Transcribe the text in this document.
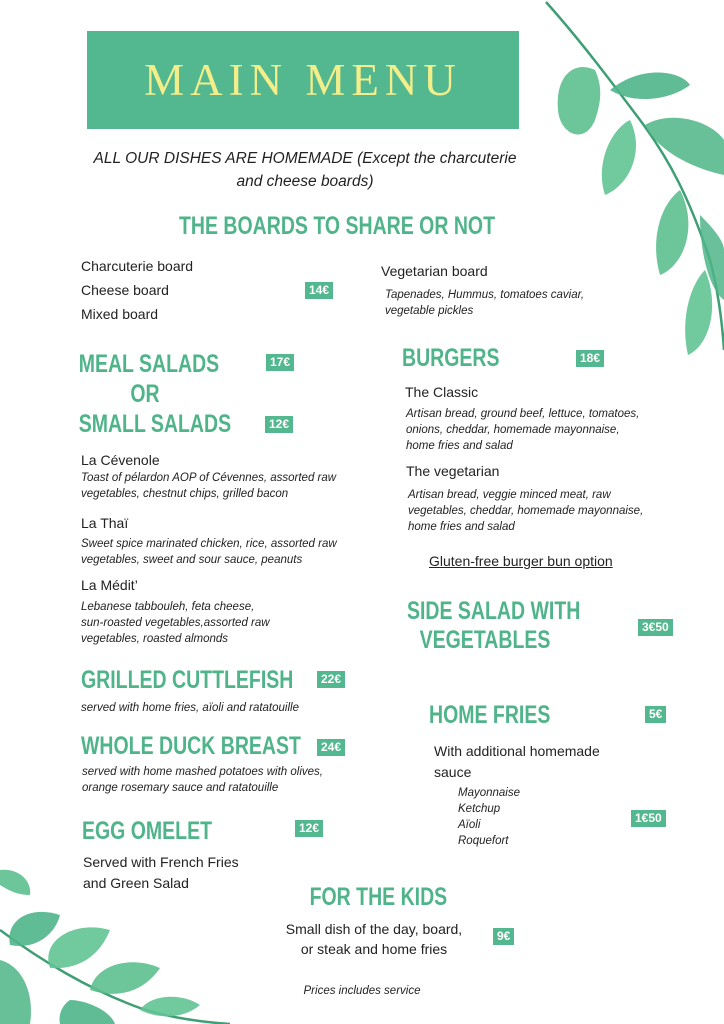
MAIN MENU
ALL OUR DISHES ARE HOMEMADE (Except the charcuterie
and cheese boards)
THE BOARDS TO SHARE OR NOT
Charcuterie board
Cheese board
Mixed board
14€
Vegetarian board
Tapenades, Hummus, tomatoes caviar,
vegetable pickles
MEAL SALADS
OR
SMALL SALADS
17€
12€
La Cévenole
Toast of pélardon AOP of Cévennes, assorted raw
vegetables, chestnut chips, grilled bacon
La Thaï
Sweet spice marinated chicken, rice, assorted raw
vegetables, sweet and sour sauce, peanuts
La Médit’
Lebanese tabbouleh, feta cheese,
sun-roasted vegetables,assorted raw
vegetables, roasted almonds
GRILLED CUTTLEFISH	22€
served with home fries, aïoli and ratatouille
WHOLE DUCK BREAST	24€
served with home mashed potatoes with olives,
orange rosemary sauce and ratatouille
EGG OMELET	12€
Served with French Fries
and Green Salad
BURGERS	18€
The Classic
Artisan bread, ground beef, lettuce, tomatoes,
onions, cheddar, homemade mayonnaise,
home fries and salad
The vegetarian
Artisan bread, veggie minced meat, raw
vegetables, cheddar, homemade mayonnaise,
home fries and salad
Gluten-free burger bun option
SIDE SALAD WITH
VEGETABLES	3€50
HOME FRIES	5€
With additional homemade
sauce
Mayonnaise
Ketchup
Aïoli
Roquefort
1€50
FOR THE KIDS
Small dish of the day, board,
or steak and home fries
9€
Prices includes service
